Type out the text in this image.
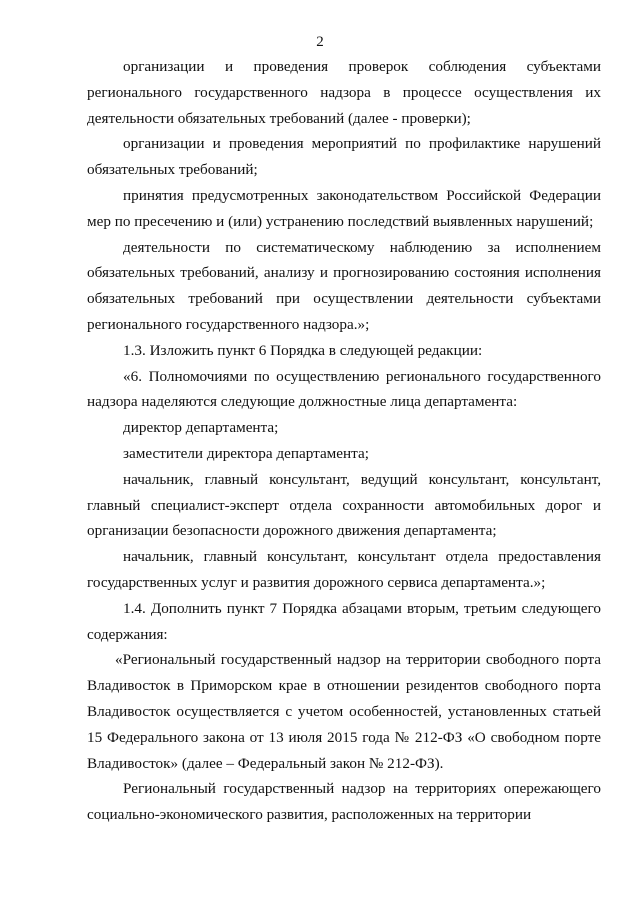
2

организации и проведения проверок соблюдения субъектами регионального государственного надзора в процессе осуществления их деятельности обязательных требований (далее - проверки);

организации и проведения мероприятий по профилактике нарушений обязательных требований;

принятия предусмотренных законодательством Российской Федерации мер по пресечению и (или) устранению последствий выявленных нарушений;

деятельности по систематическому наблюдению за исполнением обязательных требований, анализу и прогнозированию состояния исполнения обязательных требований при осуществлении деятельности субъектами регионального государственного надзора.»;

1.3. Изложить пункт 6 Порядка в следующей редакции:

«6. Полномочиями по осуществлению регионального государственного надзора наделяются следующие должностные лица департамента:

директор департамента;

заместители директора департамента;

начальник, главный консультант, ведущий консультант, консультант, главный специалист-эксперт отдела сохранности автомобильных дорог и организации безопасности дорожного движения департамента;

начальник, главный консультант, консультант отдела предоставления государственных услуг и развития дорожного сервиса департамента.»;

1.4. Дополнить пункт 7 Порядка абзацами вторым, третьим следующего содержания:

«Региональный государственный надзор на территории свободного порта Владивосток в Приморском крае в отношении резидентов свободного порта Владивосток осуществляется с учетом особенностей, установленных статьей 15 Федерального закона от 13 июля 2015 года № 212-ФЗ «О свободном порте Владивосток» (далее – Федеральный закон № 212-ФЗ).

Региональный государственный надзор на территориях опережающего социально-экономического развития, расположенных на территории
